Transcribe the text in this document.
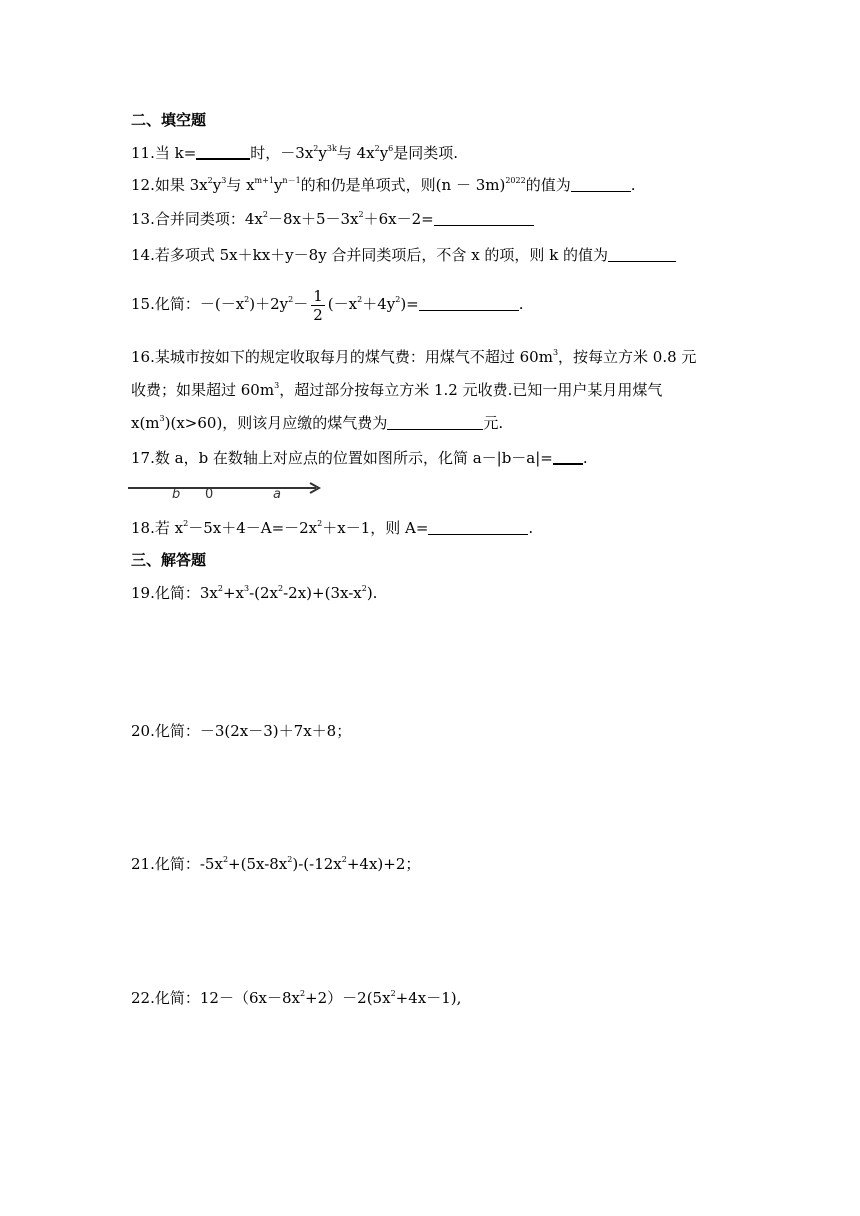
二、填空题
11.当 k=	时，$-3x^2y^{3k}$与 $4x^2y^6$是同类项.
12.如果 $3x^2y^3$与 $x^{m+1}y^{n-1}$的和仍是单项式，则$(n - 3m)^{2022}$的值为	.
13.合并同类项：$4x^2-8x+5-3x^2+6x-2=$
14.若多项式 5x＋kx＋y－8y 合并同类项后，不含 x 的项，则 k 的值为
15.化简：$-(-x^2)+2y^2- \frac{1}{2} (-x^2+4y^2)=$	.
16.某城市按如下的规定收取每月的煤气费：用煤气不超过 $60m^3$，按每立方米 0.8 元
收费；如果超过 $60m^3$，超过部分按每立方米 1.2 元收费.已知一用户某月用煤气
$x(m^3)(x>60)$，则该月应缴的煤气费为	元.
17.数 a，b 在数轴上对应点的位置如图所示，化简 a－|b－a|= .
b 0	a
18.若 $x^2-5x+4-A=-2x^2+x-1$，则 A=	.
三、解答题
19.化简：$3x^2+x^3-(2x^2-2x)+(3x-x^2)$.
20.化简：－3(2x－3)＋7x＋8；
21.化简：$-5x^2+(5x-8x^2)-(-12x^2+4x)+2$；
22.化简：$12-(6x-8x^2+2)-2(5x^2+4x-1)$,
